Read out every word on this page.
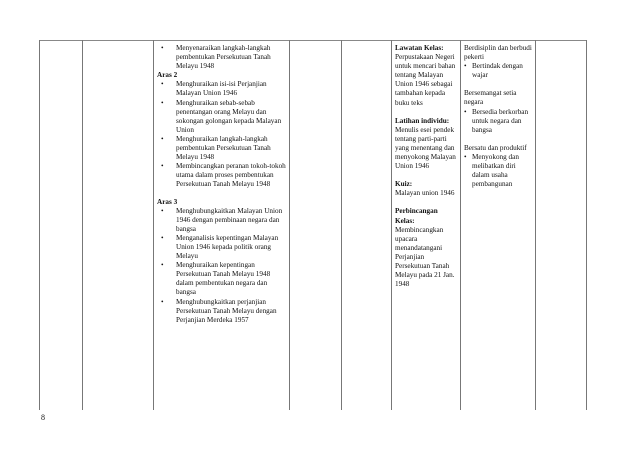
• Menyenaraikan langkah-langkah pembentukan Persekutuan Tanah Melayu 1948
Aras 2
• Menghuraikan isi-isi Perjanjian Malayan Union 1946
• Menghuraikan sebab-sebab penentangan orang Melayu dan sokongan golongan kepada Malayan Union
• Menghuraikan langkah-langkah pembentukan Persekutuan Tanah Melayu 1948
• Membincangkan peranan tokoh-tokoh utama dalam proses pembentukan Persekutuan Tanah Melayu 1948
Aras 3
• Menghubungkaitkan Malayan Union 1946 dengan pembinaan negara dan bangsa
• Menganalisis kepentingan Malayan Union 1946 kepada politik orang Melayu
• Menghuraikan kepentingan Persekutuan Tanah Melayu 1948 dalam pembentukan negara dan bangsa
• Menghubungkaitkan perjanjian Persekutuan Tanah Melayu dengan Perjanjian Merdeka 1957
Lawatan Kelas:
Perpustakaan Negeri untuk mencari bahan tentang Malayan Union 1946 sebagai tambahan kepada buku teks
Latihan individu:
Menulis esei pendek tentang parti-parti yang menentang dan menyokong Malayan Union 1946
Kuiz:
Malayan union 1946
Perbincangan Kelas:
Membincangkan upacara menandatangani Perjanjian Persekutuan Tanah Melayu pada 21 Jan. 1948
Berdisiplin dan berbudi pekerti
• Bertindak dengan wajar
Bersemangat setia negara
• Bersedia berkorban untuk negara dan bangsa
Bersatu dan produktif
• Menyokong dan melibatkan diri dalam usaha pembangunan
8
